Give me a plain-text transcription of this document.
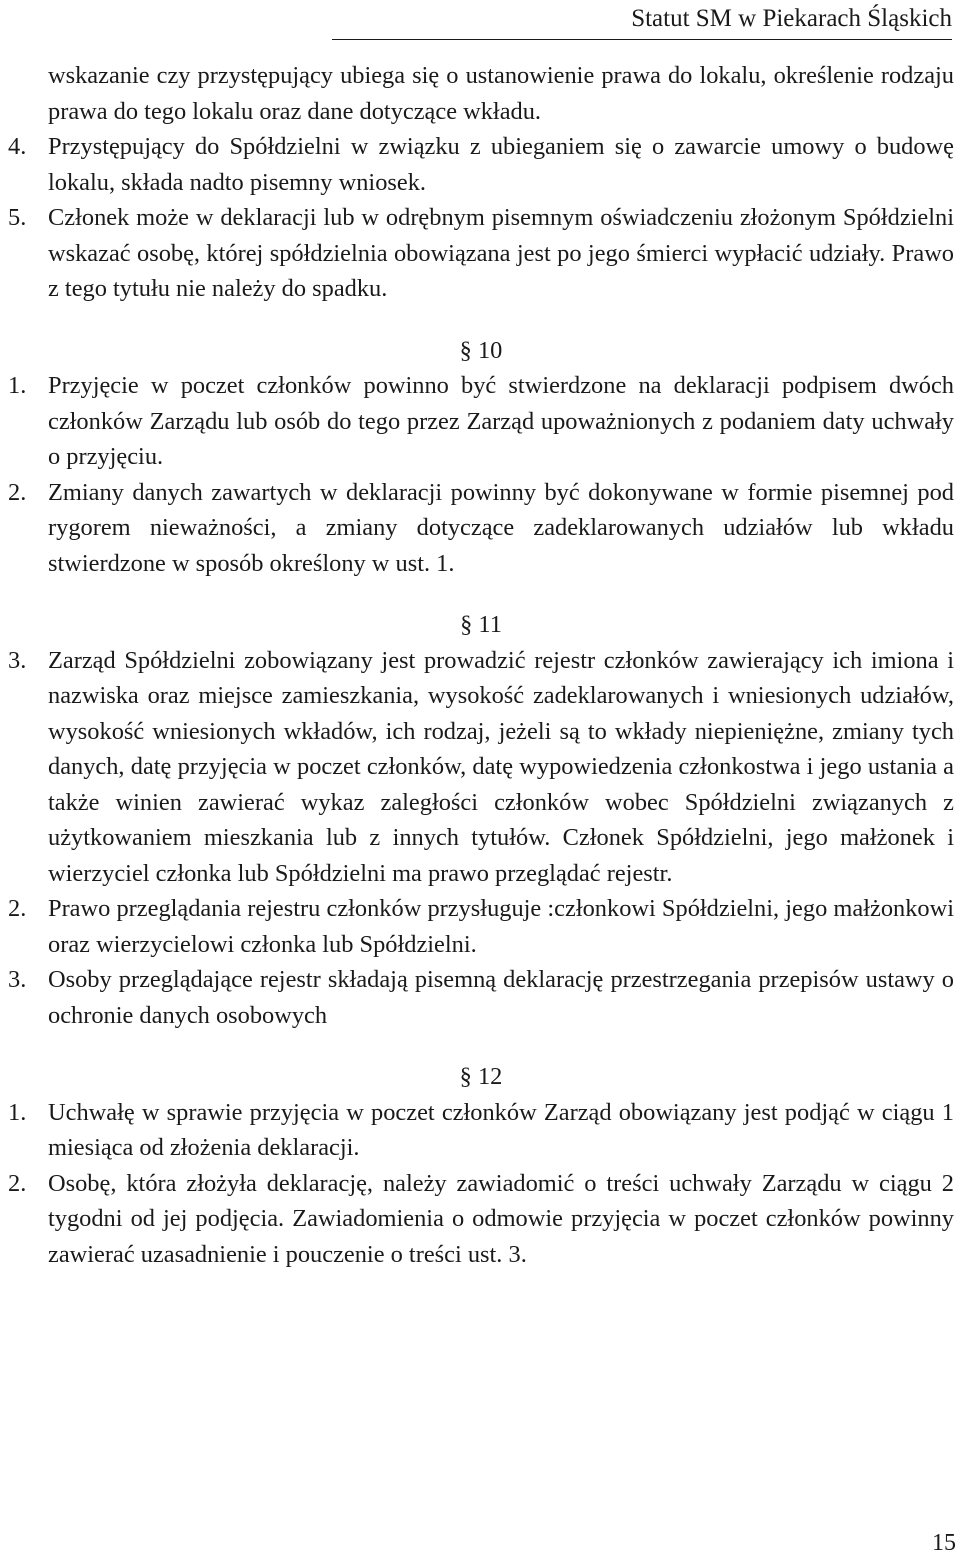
Statut SM w Piekarach Śląskich

wskazanie czy przystępujący ubiega się o ustanowienie prawa do lokalu, określenie rodzaju prawa do tego lokalu oraz dane dotyczące wkładu.

4. Przystępujący do Spółdzielni w związku z ubieganiem się o zawarcie umowy o budowę lokalu, składa nadto pisemny wniosek.

5. Członek może w deklaracji lub w odrębnym pisemnym oświadczeniu złożonym Spółdzielni wskazać osobę, której spółdzielnia obowiązana jest po jego śmierci wypłacić udziały. Prawo z tego tytułu nie należy do spadku.

§ 10

1. Przyjęcie w poczet członków powinno być stwierdzone na deklaracji podpisem dwóch członków Zarządu lub osób do tego przez Zarząd upoważnionych z podaniem daty uchwały o przyjęciu.

2. Zmiany danych zawartych w deklaracji powinny być dokonywane w formie pisemnej pod rygorem nieważności, a zmiany dotyczące zadeklarowanych udziałów lub wkładu stwierdzone w sposób określony w ust. 1.

§ 11

3. Zarząd Spółdzielni zobowiązany jest prowadzić rejestr członków zawierający ich imiona i nazwiska oraz miejsce zamieszkania, wysokość zadeklarowanych i wniesionych udziałów, wysokość wniesionych wkładów, ich rodzaj, jeżeli są to wkłady niepieniężne, zmiany tych danych, datę przyjęcia w poczet członków, datę wypowiedzenia członkostwa i jego ustania a także winien zawierać wykaz zaległości członków wobec Spółdzielni związanych z użytkowaniem mieszkania lub z innych tytułów. Członek Spółdzielni, jego małżonek i wierzyciel członka lub Spółdzielni ma prawo przeglądać rejestr.

2. Prawo przeglądania rejestru członków przysługuje :członkowi Spółdzielni, jego małżonkowi oraz wierzycielowi członka lub Spółdzielni.

3. Osoby przeglądające rejestr składają pisemną deklarację przestrzegania przepisów ustawy o ochronie danych osobowych

§ 12

1. Uchwałę w sprawie przyjęcia w poczet członków Zarząd obowiązany jest podjąć w ciągu 1 miesiąca od złożenia deklaracji.

2. Osobę, która złożyła deklarację, należy zawiadomić o treści uchwały Zarządu w ciągu 2 tygodni od jej podjęcia. Zawiadomienia o odmowie przyjęcia w poczet członków powinny zawierać uzasadnienie i pouczenie o treści ust. 3.

15
